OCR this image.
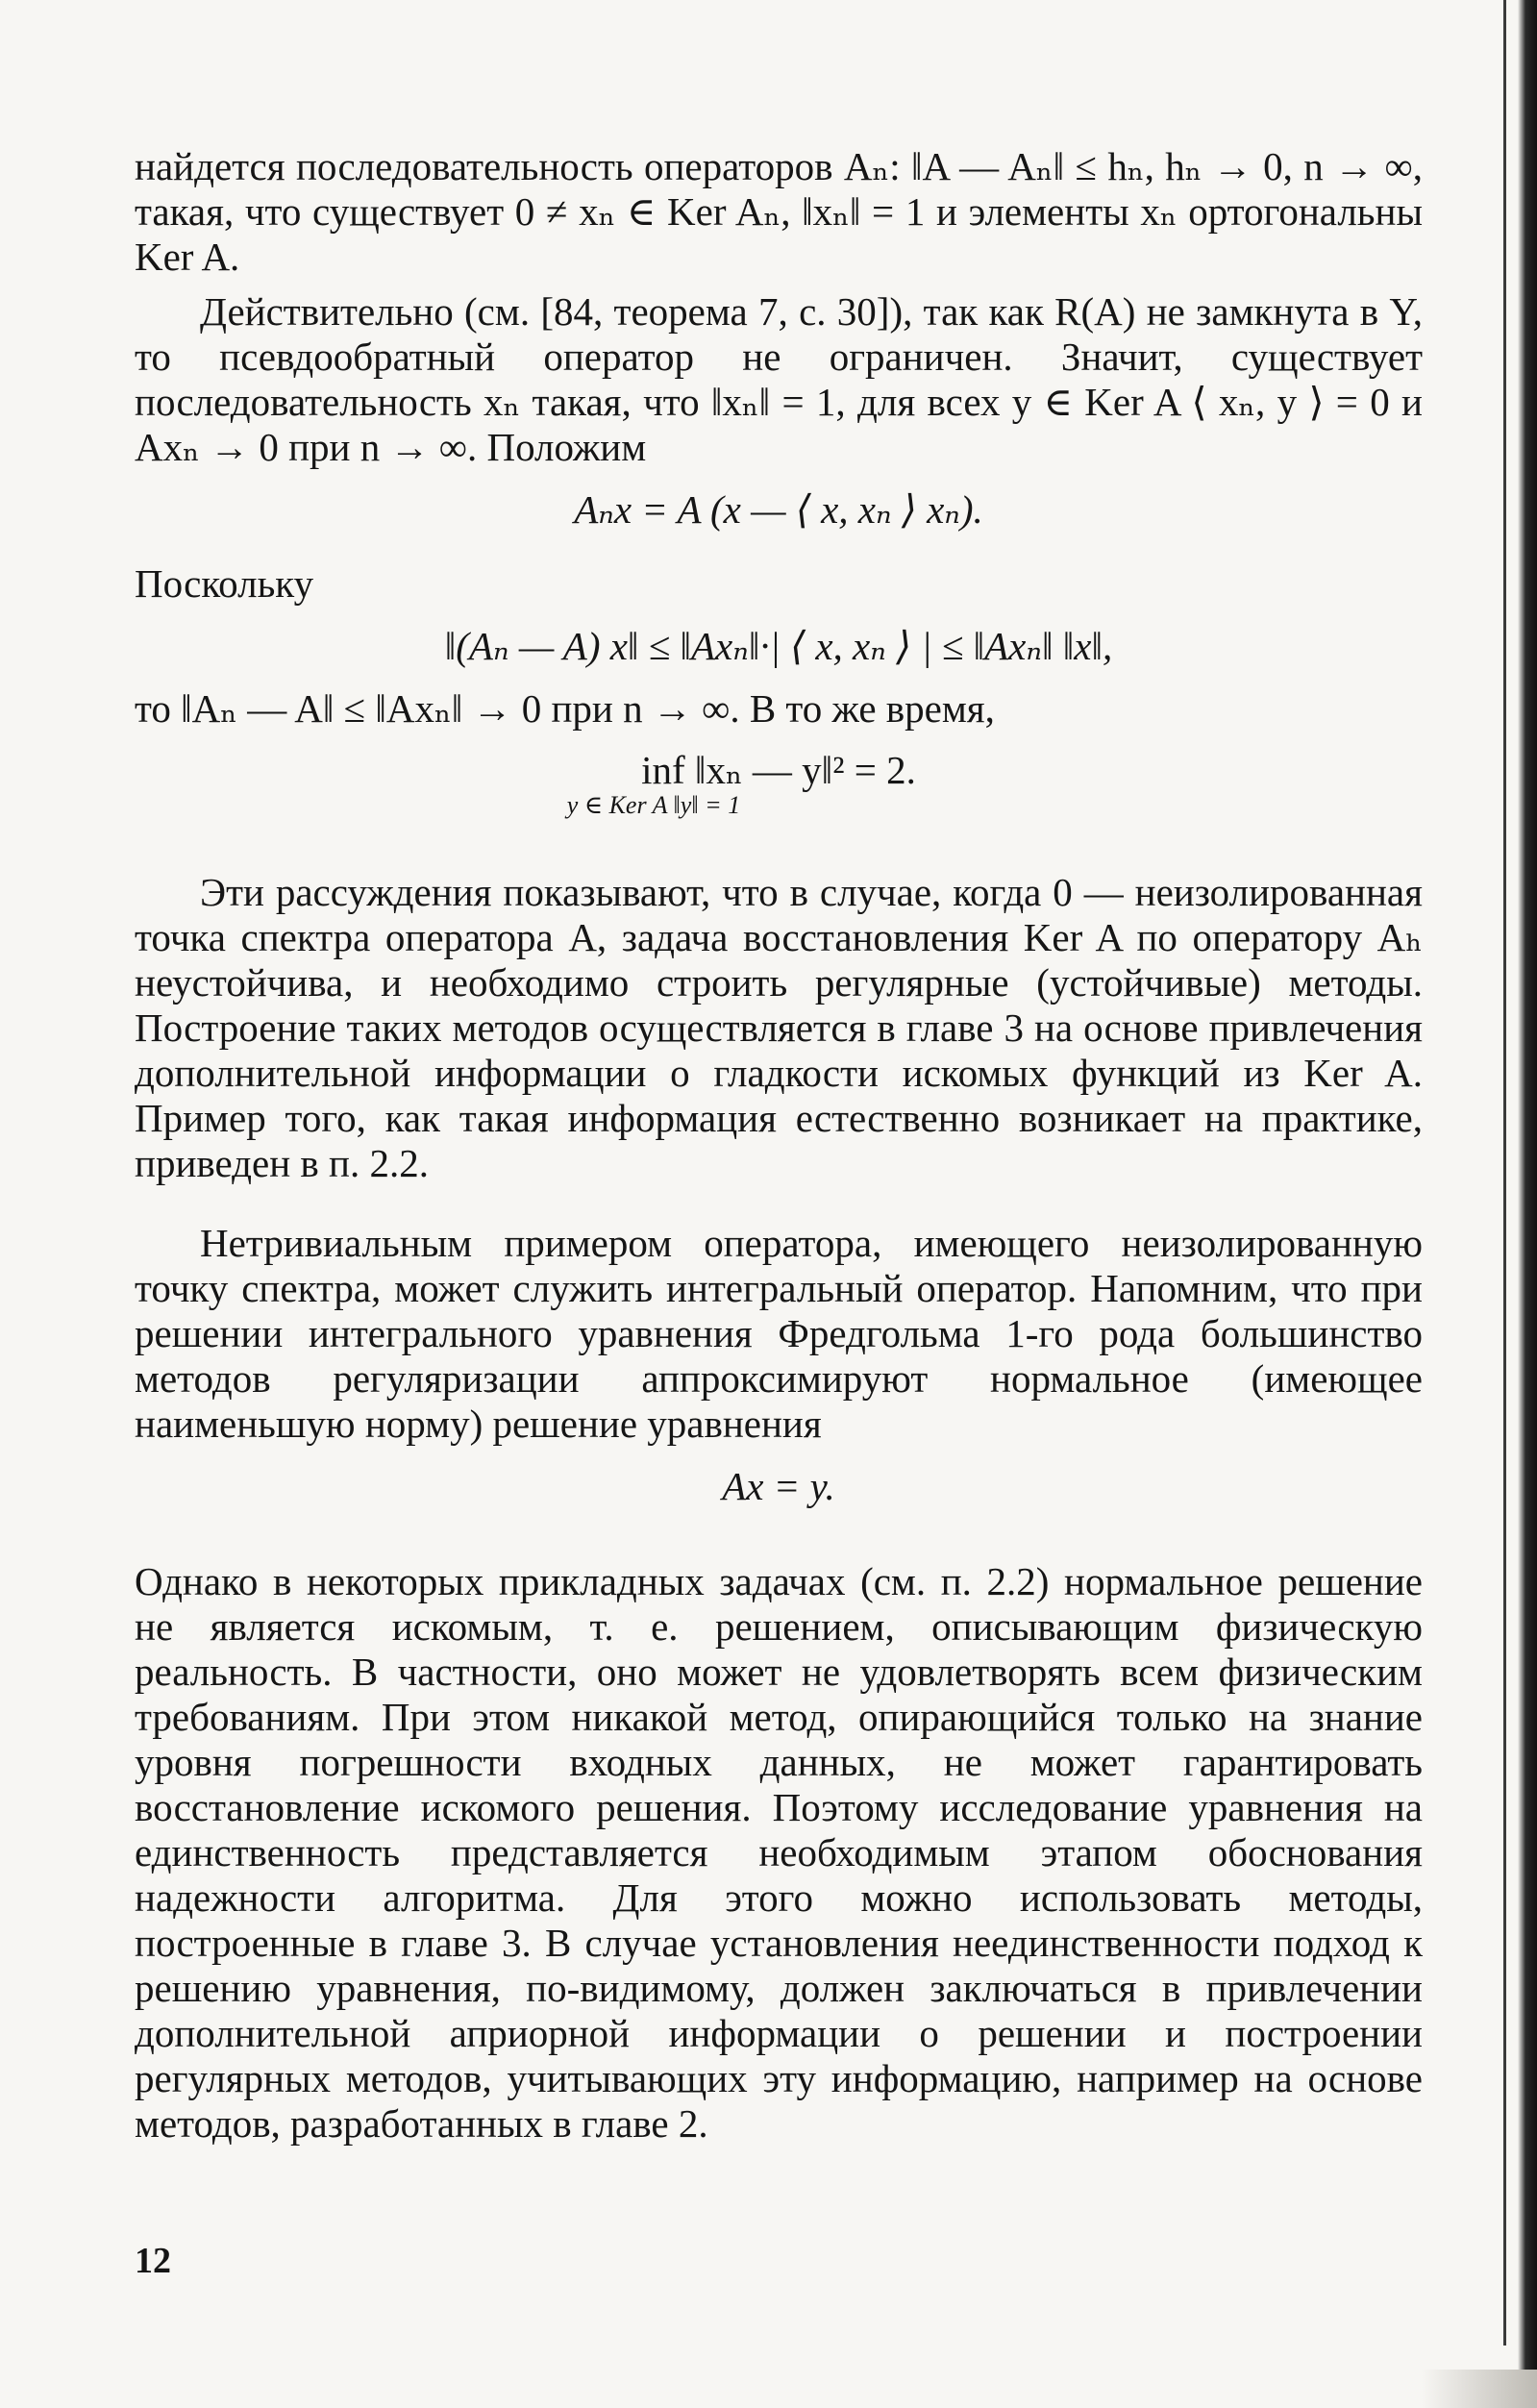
найдется последовательность операторов Aₙ: ‖A — Aₙ‖ ≤ hₙ, hₙ → 0, n → ∞, такая, что существует 0 ≠ xₙ ∈ Ker Aₙ, ‖xₙ‖ = 1 и элементы xₙ ортогональны Ker A.

Действительно (см. [84, теорема 7, с. 30]), так как R(A) не замкнута в Y, то псевдообратный оператор не ограничен. Значит, существует последовательность xₙ такая, что ‖xₙ‖ = 1, для всех y ∈ Ker A ⟨ xₙ, y ⟩ = 0 и Axₙ → 0 при n → ∞. Положим

Aₙx = A (x — ⟨ x, xₙ ⟩ xₙ).

Поскольку

‖(Aₙ — A) x‖ ≤ ‖Axₙ‖·| ⟨ x, xₙ ⟩ | ≤ ‖Axₙ‖ ‖x‖,

то ‖Aₙ — A‖ ≤ ‖Axₙ‖ → 0 при n → ∞. В то же время,

inf ‖xₙ — y‖² = 2.
y ∈ Ker A ‖y‖ = 1

Эти рассуждения показывают, что в случае, когда 0 — неизолированная точка спектра оператора A, задача восстановления Ker A по оператору Aₕ неустойчива, и необходимо строить регулярные (устойчивые) методы. Построение таких методов осуществляется в главе 3 на основе привлечения дополнительной информации о гладкости искомых функций из Ker A. Пример того, как такая информация естественно возникает на практике, приведен в п. 2.2.

Нетривиальным примером оператора, имеющего неизолированную точку спектра, может служить интегральный оператор. Напомним, что при решении интегрального уравнения Фредгольма 1-го рода большинство методов регуляризации аппроксимируют нормальное (имеющее наименьшую норму) решение уравнения

Ax = y.

Однако в некоторых прикладных задачах (см. п. 2.2) нормальное решение не является искомым, т. е. решением, описывающим физическую реальность. В частности, оно может не удовлетворять всем физическим требованиям. При этом никакой метод, опирающийся только на знание уровня погрешности входных данных, не может гарантировать восстановление искомого решения. Поэтому исследование уравнения на единственность представляется необходимым этапом обоснования надежности алгоритма. Для этого можно использовать методы, построенные в главе 3. В случае установления неединственности подход к решению уравнения, по-видимому, должен заключаться в привлечении дополнительной априорной информации о решении и построении регулярных методов, учитывающих эту информацию, например на основе методов, разработанных в главе 2.

12
